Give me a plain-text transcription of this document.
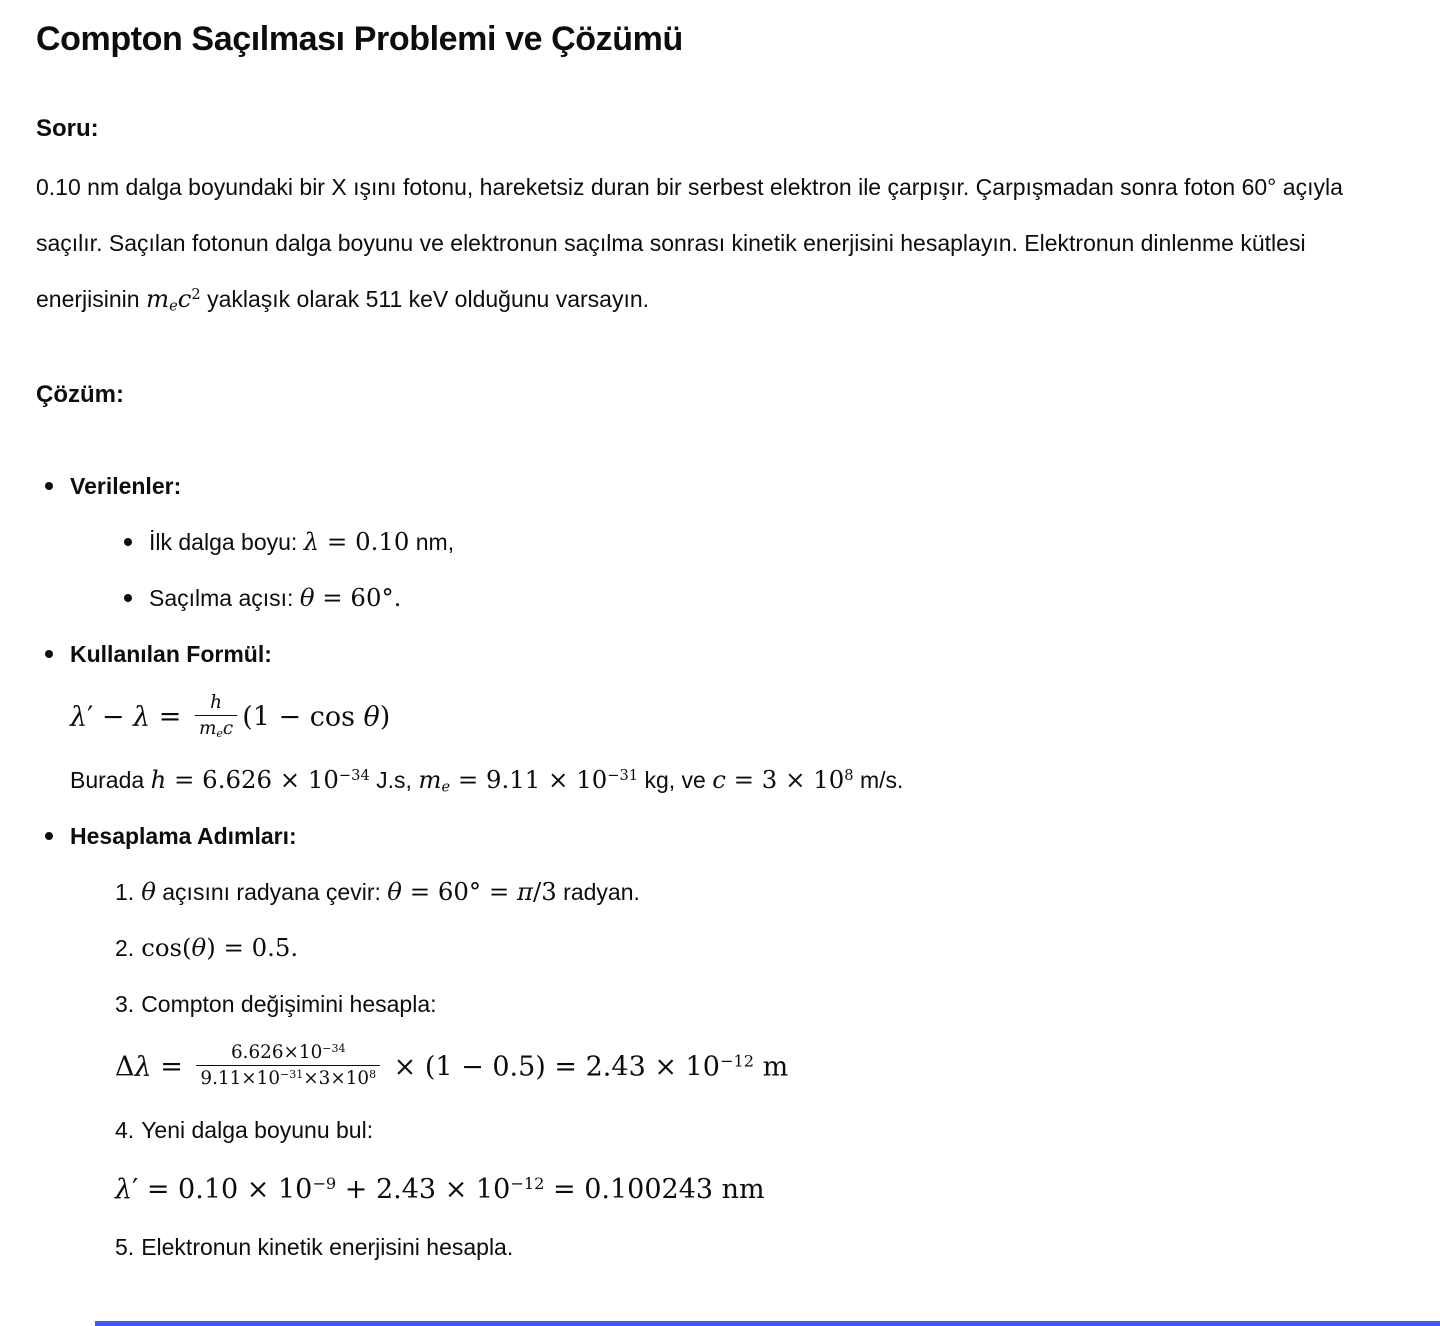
Compton Saçılması Problemi ve Çözümü

Soru:

0.10 nm dalga boyundaki bir X ışını fotonu, hareketsiz duran bir serbest elektron ile çarpışır. Çarpışmadan sonra foton 60° açıyla saçılır. Saçılan fotonun dalga boyunu ve elektronun saçılma sonrası kinetik enerjisini hesaplayın. Elektronun dinlenme kütlesi enerjisinin $m_ec^2$ yaklaşık olarak 511 keV olduğunu varsayın.

Çözüm:

Verilenler:
İlk dalga boyu: λ = 0.10 nm,
Saçılma açısı: θ = 60°.
Kullanılan Formül:
$\lambda' - \lambda = \frac{h}{m_ec} (1 - \cos \theta)$
Burada $h = 6.626 \times 10^{-34}$ J.s, $m_e = 9.11 \times 10^{-31}$ kg, ve $c = 3 \times 10^8$ m/s.
Hesaplama Adımları:
1. θ açısını radyana çevir: θ = 60° = π/3 radyan.
2. cos(θ) = 0.5.
3. Compton değişimini hesapla:
$\Delta\lambda = \frac{6.626\times 10^{-34}}{9.11\times 10^{-31}\times 3\times 10^8} \times (1 - 0.5) = 2.43 \times 10^{-12}$ m
4. Yeni dalga boyunu bul:
$\lambda' = 0.10 \times 10^{-9} + 2.43 \times 10^{-12} = 0.100243$ nm
5. Elektronun kinetik enerjisini hesapla.
